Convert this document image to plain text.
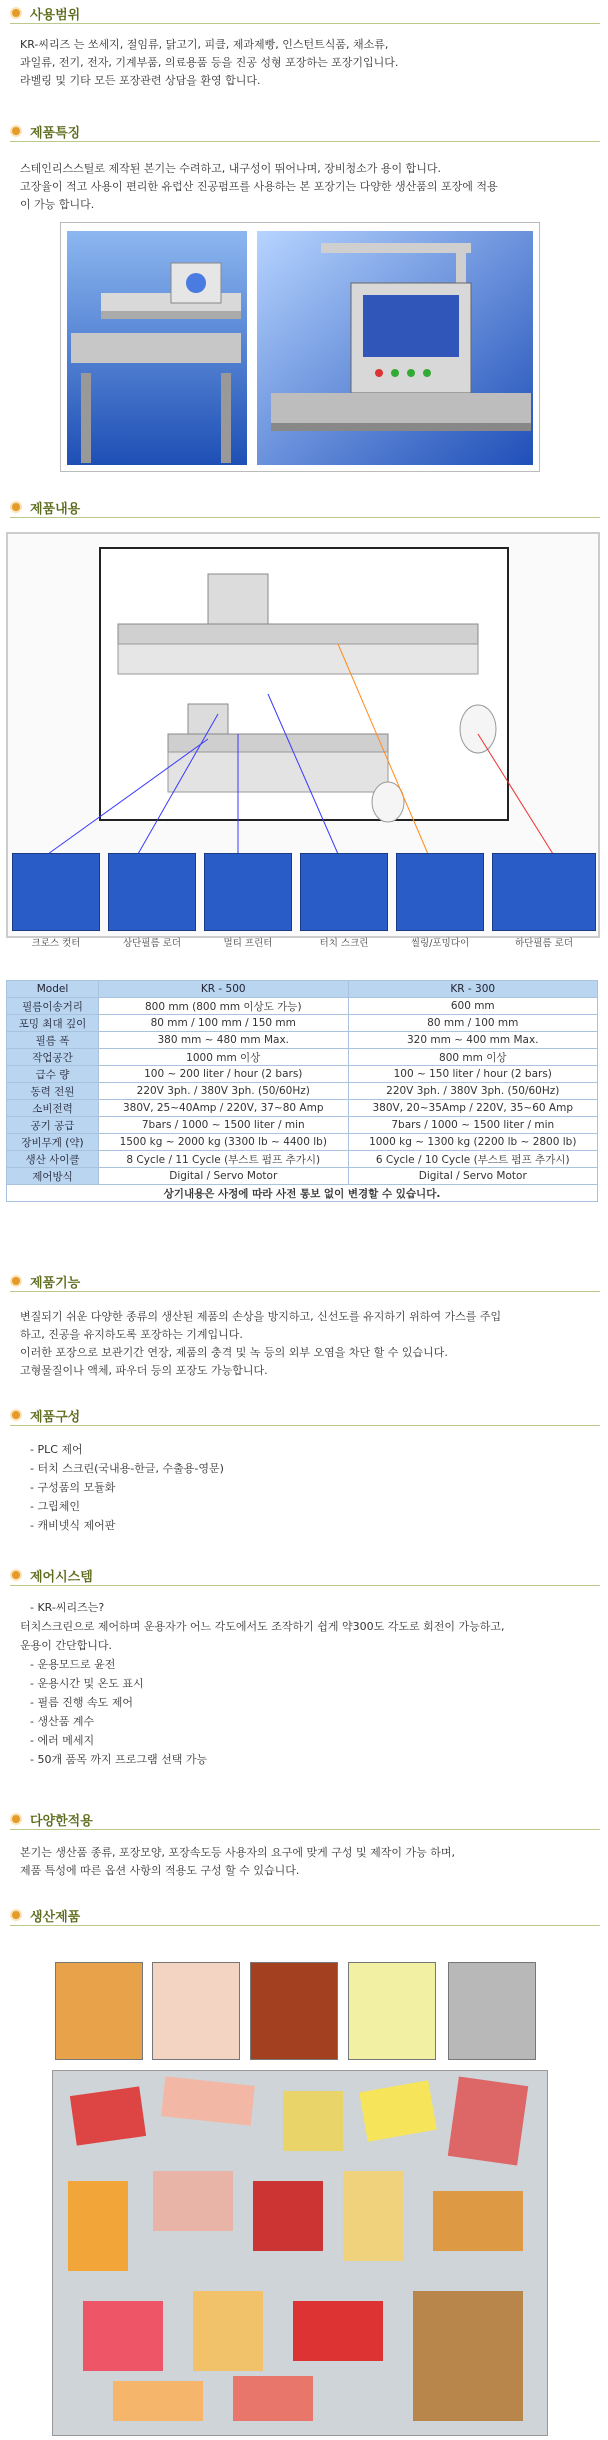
사용범위
KR-씨리즈 는 쏘세지, 절임류, 닭고기, 피클, 제과제빵, 인스턴트식품, 채소류,
과일류, 전기, 전자, 기계부품, 의료용품 등을 진공 성형 포장하는 포장기입니다.
라벨링 및 기타 모든 포장관련 상담을 환영 합니다.
제품특징
스테인리스스틸로 제작된 본기는 수려하고, 내구성이 뛰어나며, 장비청소가 용이 합니다.
고장율이 적고 사용이 편리한 유럽산 진공펌프를 사용하는 본 포장기는 다양한 생산품의 포장에 적용
이 가능 합니다.
제품내용
크로스 컷터	상단필름 로더	멀티 프린터	터치 스크린	씰링/포밍다이	하단필름 로더
Model	KR - 500	KR - 300
필름이송거리	800 mm (800 mm 이상도 가능)	600 mm
포밍 최대 깊이	80 mm / 100 mm / 150 mm	80 mm / 100 mm
필름 폭	380 mm ~ 480 mm Max.	320 mm ~ 400 mm Max.
작업공간	1000 mm 이상	800 mm 이상
급수 량	100 ~ 200 liter / hour (2 bars)	100 ~ 150 liter / hour (2 bars)
동력 전원	220V 3ph. / 380V 3ph. (50/60Hz)	220V 3ph. / 380V 3ph. (50/60Hz)
소비전력	380V, 25~40Amp / 220V, 37~80 Amp	380V, 20~35Amp / 220V, 35~60 Amp
공기 공급	7bars / 1000 ~ 1500 liter / min	7bars / 1000 ~ 1500 liter / min
장비무게 (약)	1500 kg ~ 2000 kg (3300 lb ~ 4400 lb)	1000 kg ~ 1300 kg (2200 lb ~ 2800 lb)
생산 사이클	8 Cycle / 11 Cycle (부스트 펌프 추가시)	6 Cycle / 10 Cycle (부스트 펌프 추가시)
제어방식	Digital / Servo Motor	Digital / Servo Motor
상기내용은 사정에 따라 사전 통보 없이 변경할 수 있습니다.		
제품기능
변질되기 쉬운 다양한 종류의 생산된 제품의 손상을 방지하고, 신선도를 유지하기 위하여 가스를 주입
하고, 진공을 유지하도록 포장하는 기계입니다.
이러한 포장으로 보관기간 연장, 제품의 충격 및 녹 등의 외부 오염을 차단 할 수 있습니다.
고형물질이나 액체, 파우더 등의 포장도 가능합니다.
제품구성
- PLC 제어
- 터치 스크린(국내용-한글, 수출용-영문)
- 구성품의 모듈화
- 그립체인
- 캐비넷식 제어판
제어시스템
- KR-씨리즈는?
터치스크린으로 제어하며 운용자가 어느 각도에서도 조작하기 쉽게 약300도 각도로 회전이 가능하고,
운용이 간단합니다.
- 운용모드로 윤전
- 운용시간 및 온도 표시
- 필름 진행 속도 제어
- 생산품 계수
- 에러 메세지
- 50개 품목 까지 프로그램 선택 가능
다양한적용
본기는 생산품 종류, 포장모양, 포장속도등 사용자의 요구에 맞게 구성 및 제작이 가능 하며,
제품 특성에 따른 옵션 사항의 적용도 구성 할 수 있습니다.
생산제품
